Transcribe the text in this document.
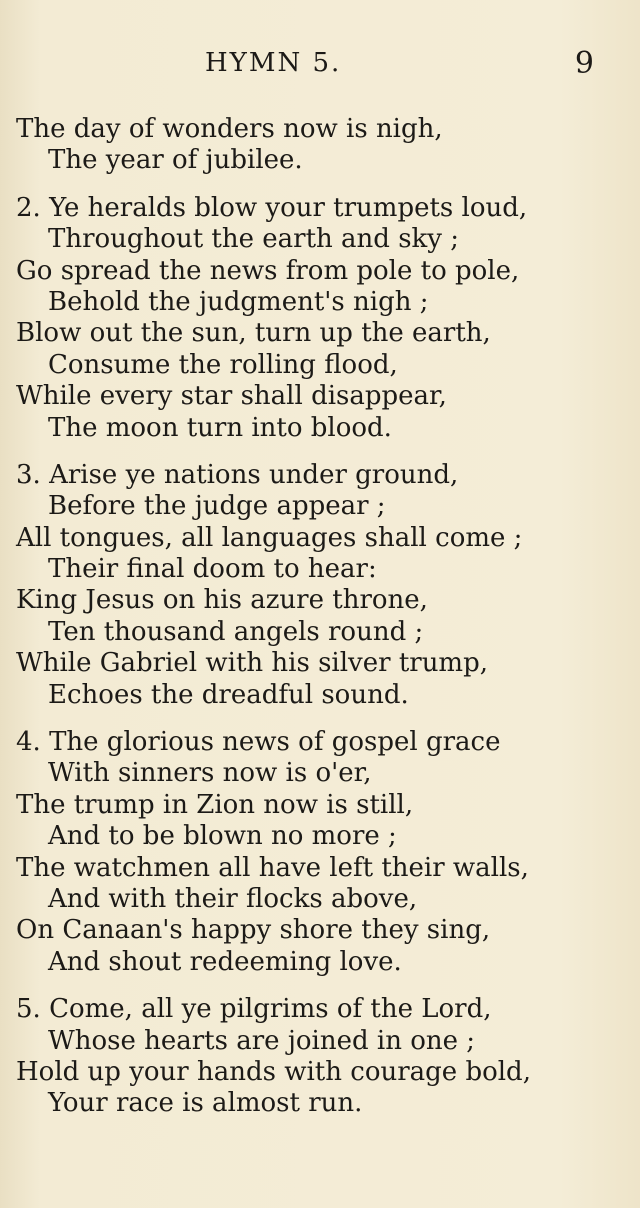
HYMN 5.	9
The day of wonders now is nigh,
The year of jubilee.
2. Ye heralds blow your trumpets loud,
Throughout the earth and sky ;
Go spread the news from pole to pole,
Behold the judgment's nigh ;
Blow out the sun, turn up the earth,
Consume the rolling flood,
While every star shall disappear,
The moon turn into blood.
3. Arise ye nations under ground,
Before the judge appear ;
All tongues, all languages shall come ;
Their final doom to hear:
King Jesus on his azure throne,
Ten thousand angels round ;
While Gabriel with his silver trump,
Echoes the dreadful sound.
4. The glorious news of gospel grace
With sinners now is o'er,
The trump in Zion now is still,
And to be blown no more ;
The watchmen all have left their walls,
And with their flocks above,
On Canaan's happy shore they sing,
And shout redeeming love.
5. Come, all ye pilgrims of the Lord,
Whose hearts are joined in one ;
Hold up your hands with courage bold,
Your race is almost run.
